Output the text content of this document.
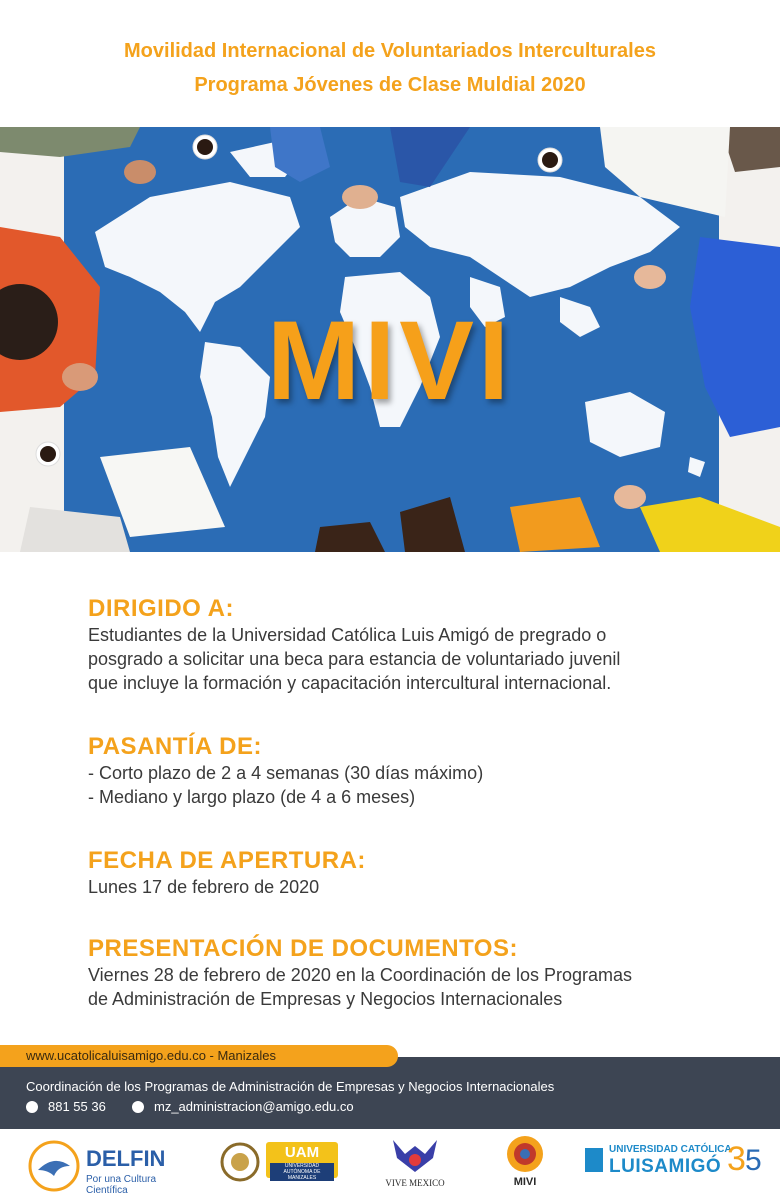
Movilidad Internacional de Voluntariados Interculturales
Programa Jóvenes de Clase Muldial 2020
MIVI
DIRIGIDO A:

Estudiantes de la Universidad Católica Luis Amigó de pregrado o

posgrado a solicitar una beca para estancia de voluntariado juvenil

que incluye la formación y capacitación intercultural internacional.

PASANTÍA DE:

- Corto plazo de 2 a 4 semanas (30 días máximo)

- Mediano y largo plazo (de 4 a 6 meses)

FECHA DE APERTURA:

Lunes 17 de febrero de 2020

PRESENTACIÓN DE DOCUMENTOS:

Viernes 28 de febrero de 2020 en la Coordinación de los Programas

de Administración de Empresas y Negocios Internacionales

Coordinación de los Programas de Administración de Empresas y Negocios Internacionales
881 55 36	mz_administracion@amigo.edu.co
www.ucatolicaluisamigo.edu.co - Manizales
DELFIN
Por una Cultura Científica
UAM
UNIVERSIDAD AUTÓNOMA DE MANIZALES	VIVE MEXICO	MIVI
UNIVERSIDAD CATÓLICA
LUISAMIGÓ 3 5
